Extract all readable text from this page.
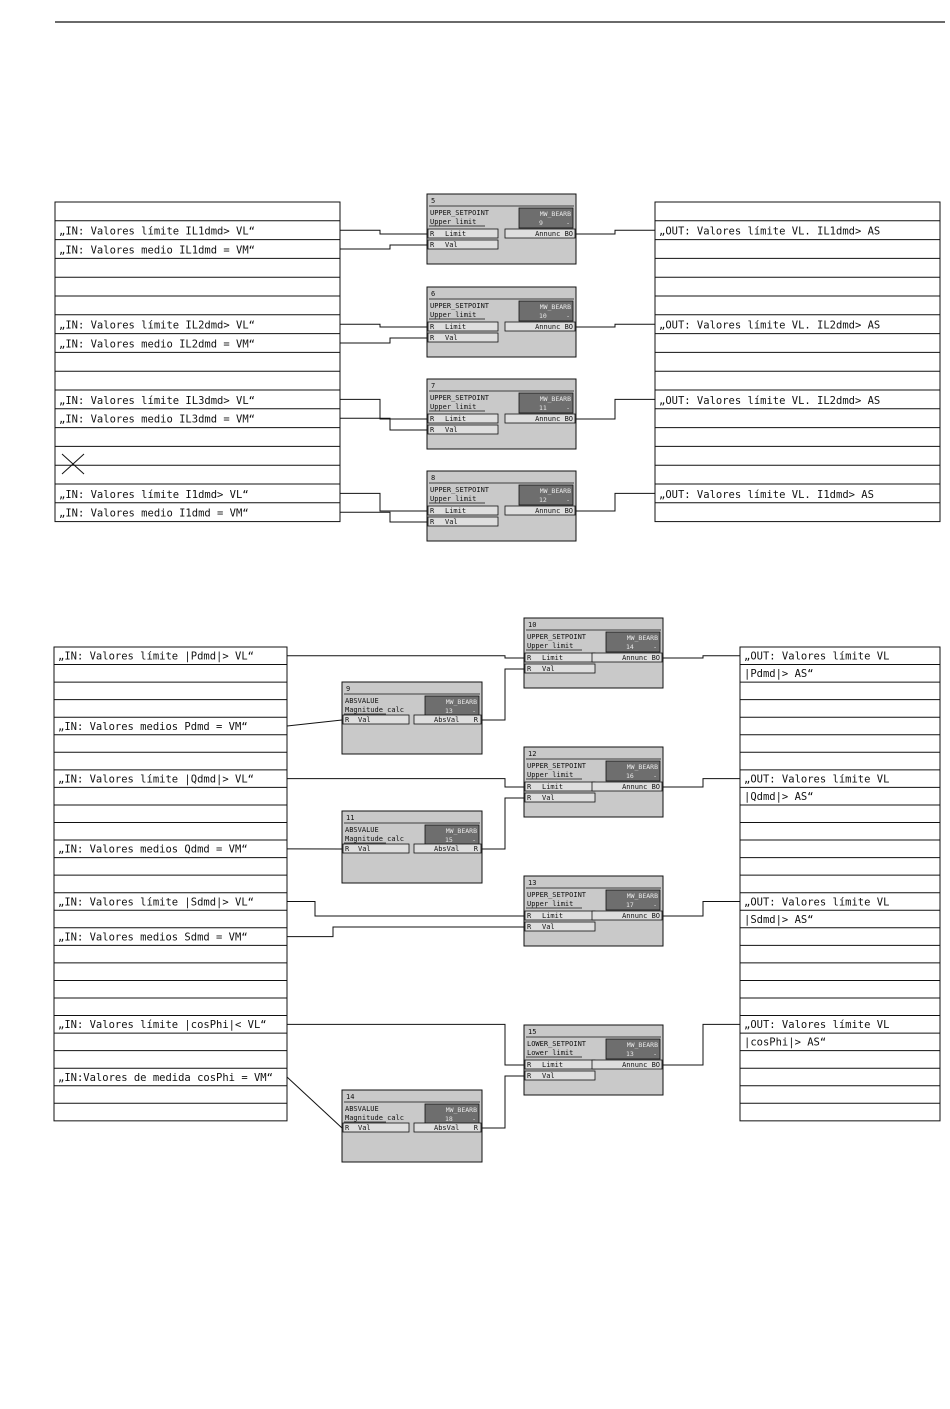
„IN: Valores límite IL1dmd> VL“
„IN: Valores medio IL1dmd = VM“
„IN: Valores límite IL2dmd> VL“
„IN: Valores medio IL2dmd = VM“
„IN: Valores límite IL3dmd> VL“
„IN: Valores medio IL3dmd = VM“
„IN: Valores límite I1dmd> VL“
„IN: Valores medio I1dmd = VM“
„OUT: Valores límite VL. IL1dmd> AS
„OUT: Valores límite VL. IL2dmd> AS
„OUT: Valores límite VL. IL2dmd> AS
„OUT: Valores límite VL. I1dmd> AS
5
UPPER_SETPOINT
Upper limit
MW_BEARB
9	-
R Limit
R Val
Annunc BO
6
UPPER_SETPOINT
Upper limit
MW_BEARB
10	-
R Limit
R Val
Annunc BO
7
UPPER_SETPOINT
Upper limit
MW_BEARB
11	-
R Limit
R Val
Annunc BO
8
UPPER_SETPOINT
Upper limit
MW_BEARB
12	-
R Limit
R Val
Annunc BO
„IN: Valores límite |Pdmd|> VL“
„IN: Valores medios Pdmd = VM“
„IN: Valores límite |Qdmd|> VL“
„IN: Valores medios Qdmd = VM“
„IN: Valores límite |Sdmd|> VL“
„IN: Valores medios Sdmd = VM“
„IN: Valores límite |cosPhi|< VL“
„IN:Valores de medida cosPhi = VM“
„OUT: Valores límite VL
|Pdmd|> AS“
„OUT: Valores límite VL
|Qdmd|> AS“
„OUT: Valores límite VL
|Sdmd|> AS“
„OUT: Valores límite VL
|cosPhi|> AS“
10
UPPER_SETPOINT
Upper limit
MW_BEARB
14	-
R Limit
R Val
Annunc BO
12
UPPER_SETPOINT
Upper limit
MW_BEARB
16	-
R Limit
R Val
Annunc BO
13
UPPER_SETPOINT
Upper limit
MW_BEARB
17	-
R Limit
R Val
Annunc BO
15
LOWER_SETPOINT
Lower limit
MW_BEARB
13	-
R Limit
R Val
Annunc BO
9
ABSVALUE
Magnitude calc
MW_BEARB
13	-
R Val	AbsVal R
11
ABSVALUE
Magnitude calc
MW_BEARB
15	-
R Val	AbsVal R
14
ABSVALUE
Magnitude calc
MW_BEARB
18	-
R Val	AbsVal R
